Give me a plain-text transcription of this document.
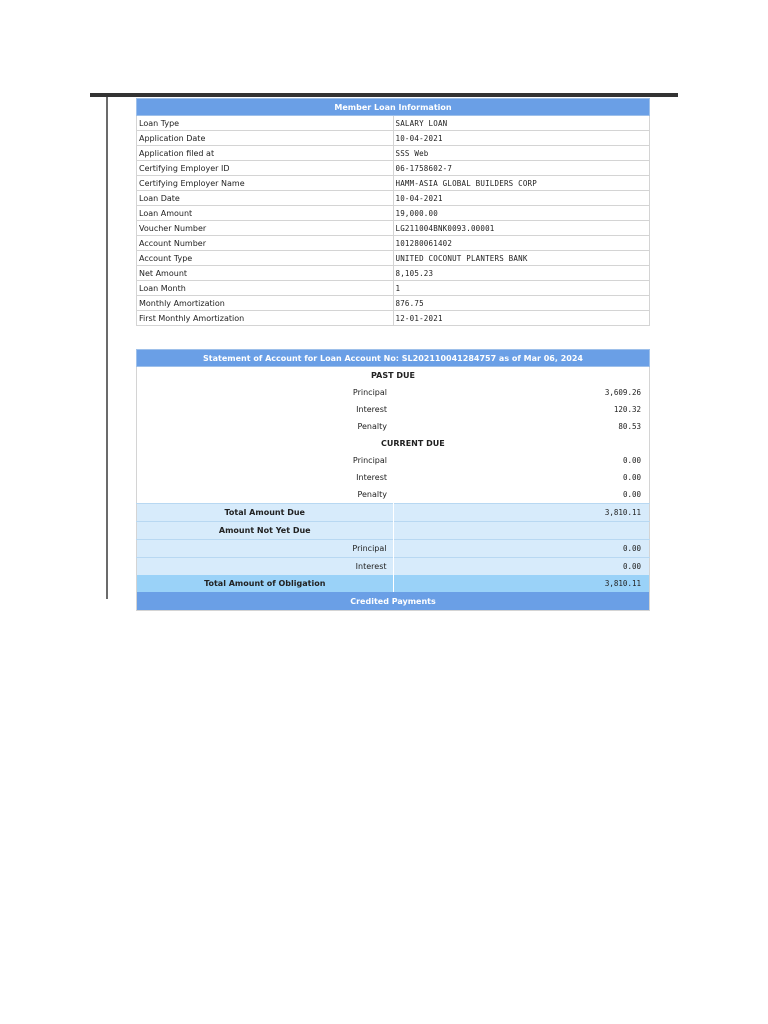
Member Loan Information	
Loan Type	SALARY LOAN
Application Date	10-04-2021
Application filed at	SSS Web
Certifying Employer ID	06-1758602-7
Certifying Employer Name	HAMM-ASIA GLOBAL BUILDERS CORP
Loan Date	10-04-2021
Loan Amount	19,000.00
Voucher Number	LG211004BNK0093.00001
Account Number	101280061402
Account Type	UNITED COCONUT PLANTERS BANK
Net Amount	8,105.23
Loan Month	1
Monthly Amortization	876.75
First Monthly Amortization	12-01-2021
Statement of Account for Loan Account No: SL202110041284757 as of Mar 06, 2024	
PAST DUE	
Principal	3,609.26
Interest	120.32
Penalty	80.53
CURRENT DUE	
Principal	0.00
Interest	0.00
Penalty	0.00
Total Amount Due	3,810.11
Amount Not Yet Due	
Principal	0.00
Interest	0.00
Total Amount of Obligation	3,810.11
Credited Payments	
